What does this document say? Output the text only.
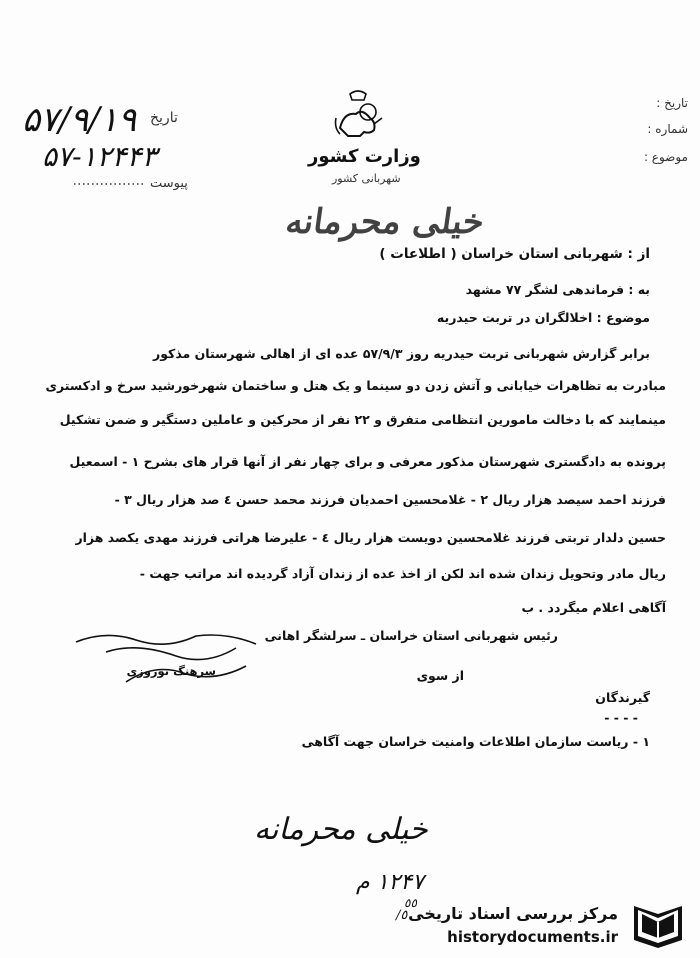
تاریخ :
شماره :
موضوع :
وزارت کشور
شهربانی کشور
۵۷/۹/۱۹ تاریخ
۵۷-۱۲۴۴۳
پیوست
خیلی محرمانه
از : شهربانی استان خراسان ( اطلاعات )
به : فرماندهی لشگر ۷۷ مشهد
موضوع : اخلالگران در تربت حیدریه
برابر گزارش شهربانی تربت حیدریه روز ۵۷/۹/۳ عده ای از اهالی شهرستان مذکور
مبادرت به تظاهرات خیابانی و آتش زدن دو سینما و یک هتل و ساختمان شهرخورشید سرخ و ادکستری
مینمایند که با دخالت مامورین انتظامی متفرق و ۲۲ نفر از محرکین و عاملین دستگیر و ضمن تشکیل
پرونده به دادگستری شهرستان مذکور معرفی و برای چهار نفر از آنها قرار های بشرح ۱ - اسمعیل
فرزند احمد سیصد هزار ریال ۲ - غلامحسین احمدیان فرزند محمد حسن ٤ صد هزار ریال ۳ -
حسین دلدار تربتی فرزند غلامحسین دویست هزار ریال ٤ - علیرضا هراتی فرزند مهدی یکصد هزار
ریال مادر وتحویل زندان شده اند لکن از اخذ عده از زندان آزاد گردیده اند مراتب جهت -
آگاهی اعلام میگردد . ب
رئیس شهربانی استان خراسان ـ سرلشگر اهانی
از سوی
سرهنگ نوروزی
گیرندگان
- - - -
۱ - ریاست سازمان اطلاعات وامنیت خراسان جهت آگاهی
خیلی محرمانه
۱۲۴۷ م
٥٥
٥/ مرکز بررسی اسناد تاریخی
historydocuments.ir
